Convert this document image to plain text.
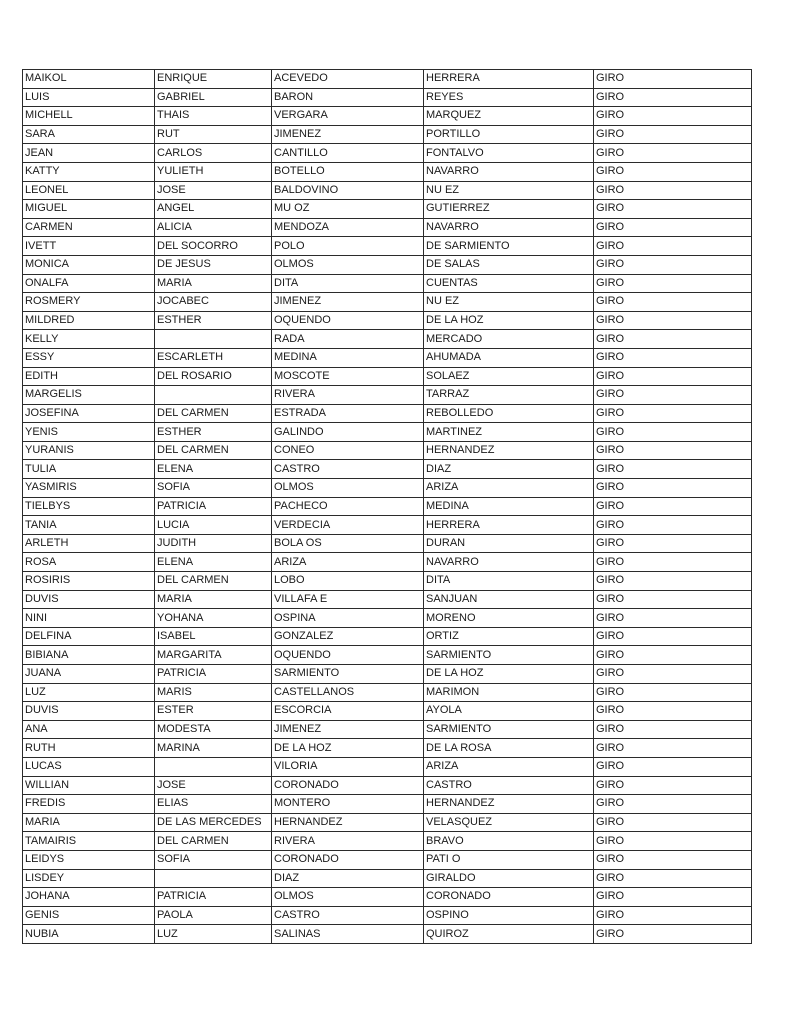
MAIKOL	ENRIQUE	ACEVEDO	HERRERA	GIRO
LUIS	GABRIEL	BARON	REYES	GIRO
MICHELL	THAIS	VERGARA	MARQUEZ	GIRO
SARA	RUT	JIMENEZ	PORTILLO	GIRO
JEAN	CARLOS	CANTILLO	FONTALVO	GIRO
KATTY	YULIETH	BOTELLO	NAVARRO	GIRO
LEONEL	JOSE	BALDOVINO	NU EZ	GIRO
MIGUEL	ANGEL	MU OZ	GUTIERREZ	GIRO
CARMEN	ALICIA	MENDOZA	NAVARRO	GIRO
IVETT	DEL SOCORRO	POLO	DE SARMIENTO	GIRO
MONICA	DE JESUS	OLMOS	DE SALAS	GIRO
ONALFA	MARIA	DITA	CUENTAS	GIRO
ROSMERY	JOCABEC	JIMENEZ	NU EZ	GIRO
MILDRED	ESTHER	OQUENDO	DE LA HOZ	GIRO
KELLY		RADA	MERCADO	GIRO
ESSY	ESCARLETH	MEDINA	AHUMADA	GIRO
EDITH	DEL ROSARIO	MOSCOTE	SOLAEZ	GIRO
MARGELIS		RIVERA	TARRAZ	GIRO
JOSEFINA	DEL CARMEN	ESTRADA	REBOLLEDO	GIRO
YENIS	ESTHER	GALINDO	MARTINEZ	GIRO
YURANIS	DEL CARMEN	CONEO	HERNANDEZ	GIRO
TULIA	ELENA	CASTRO	DIAZ	GIRO
YASMIRIS	SOFIA	OLMOS	ARIZA	GIRO
TIELBYS	PATRICIA	PACHECO	MEDINA	GIRO
TANIA	LUCIA	VERDECIA	HERRERA	GIRO
ARLETH	JUDITH	BOLA OS	DURAN	GIRO
ROSA	ELENA	ARIZA	NAVARRO	GIRO
ROSIRIS	DEL CARMEN	LOBO	DITA	GIRO
DUVIS	MARIA	VILLAFA E	SANJUAN	GIRO
NINI	YOHANA	OSPINA	MORENO	GIRO
DELFINA	ISABEL	GONZALEZ	ORTIZ	GIRO
BIBIANA	MARGARITA	OQUENDO	SARMIENTO	GIRO
JUANA	PATRICIA	SARMIENTO	DE LA HOZ	GIRO
LUZ	MARIS	CASTELLANOS	MARIMON	GIRO
DUVIS	ESTER	ESCORCIA	AYOLA	GIRO
ANA	MODESTA	JIMENEZ	SARMIENTO	GIRO
RUTH	MARINA	DE LA HOZ	DE LA ROSA	GIRO
LUCAS		VILORIA	ARIZA	GIRO
WILLIAN	JOSE	CORONADO	CASTRO	GIRO
FREDIS	ELIAS	MONTERO	HERNANDEZ	GIRO
MARIA	DE LAS MERCEDES	HERNANDEZ	VELASQUEZ	GIRO
TAMAIRIS	DEL CARMEN	RIVERA	BRAVO	GIRO
LEIDYS	SOFIA	CORONADO	PATI O	GIRO
LISDEY		DIAZ	GIRALDO	GIRO
JOHANA	PATRICIA	OLMOS	CORONADO	GIRO
GENIS	PAOLA	CASTRO	OSPINO	GIRO
NUBIA	LUZ	SALINAS	QUIROZ	GIRO
